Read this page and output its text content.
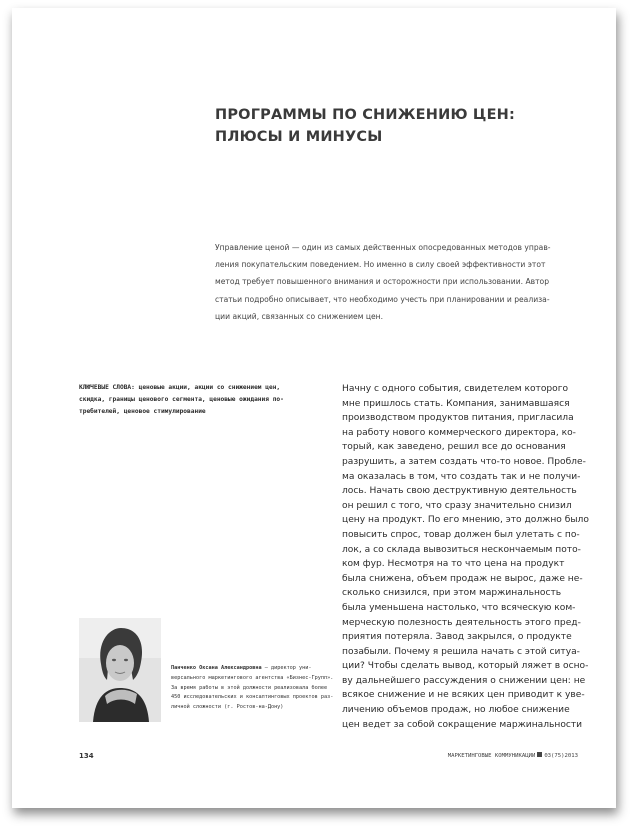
ПРОГРАММЫ ПО СНИЖЕНИЮ ЦЕН:
ПЛЮСЫ И МИНУСЫ
Управление ценой — один из самых действенных опосредованных методов управ-
ления покупательским поведением. Но именно в силу своей эффективности этот
метод требует повышенного внимания и осторожности при использовании. Автор
статьи подробно описывает, что необходимо учесть при планировании и реализа-
ции акций, связанных со снижением цен.
КЛЮЧЕВЫЕ СЛОВА: ценовые акции, акции со снижением цен,
скидка, границы ценового сегмента, ценовые ожидания по-
требителей, ценовое стимулирование
Панченко Оксана Александровна — директор уни-
версального маркетингового агентства «Бизнес-Групп».
За время работы в этой должности реализовала более
450 исследовательских и консалтинговых проектов раз-
личной сложности (г. Ростов-на-Дону)
Начну с одного события, свидетелем которого
мне пришлось стать. Компания, занимавшаяся
производством продуктов питания, пригласила
на работу нового коммерческого директора, ко-
торый, как заведено, решил все до основания
разрушить, а затем создать что-то новое. Пробле-
ма оказалась в том, что создать так и не получи-
лось. Начать свою деструктивную деятельность
он решил с того, что сразу значительно снизил
цену на продукт. По его мнению, это должно было
повысить спрос, товар должен был улетать с по-
лок, а со склада вывозиться нескончаемым пото-
ком фур. Несмотря на то что цена на продукт
была снижена, объем продаж не вырос, даже не-
сколько снизился, при этом маржинальность
была уменьшена настолько, что всяческую ком-
мерческую полезность деятельность этого пред-
приятия потеряла. Завод закрылся, о продукте
позабыли. Почему я решила начать с этой ситуа-
ции? Чтобы сделать вывод, который ляжет в осно-
ву дальнейшего рассуждения о снижении цен: не
всякое снижение и не всяких цен приводит к уве-
личению объемов продаж, но любое снижение
цен ведет за собой сокращение маржинальности
134	МАРКЕТИНГОВЫЕ КОММУНИКАЦИИ 03(75)2013
